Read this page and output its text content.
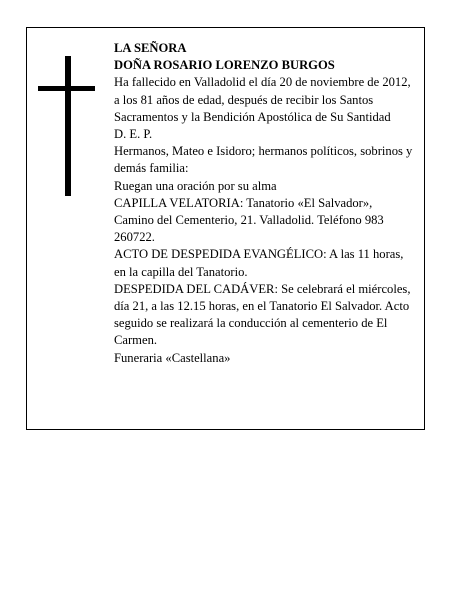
LA SEÑORA

DOÑA ROSARIO LORENZO BURGOS

Ha fallecido en Valladolid el día 20 de noviembre de 2012, a los 81 años de edad, después de recibir los Santos Sacramentos y la Bendición Apostólica de Su Santidad

D. E. P.

Hermanos, Mateo e Isidoro; hermanos políticos, sobrinos y demás familia:

Ruegan una oración por su alma

CAPILLA VELATORIA: Tanatorio «El Salvador», Camino del Cementerio, 21. Valladolid. Teléfono 983 260722.

ACTO DE DESPEDIDA EVANGÉLICO: A las 11 horas, en la capilla del Tanatorio.

DESPEDIDA DEL CADÁVER: Se celebrará el miércoles, día 21, a las 12.15 horas, en el Tanatorio El Salvador. Acto seguido se realizará la conducción al cementerio de El Carmen.

Funeraria «Castellana»
